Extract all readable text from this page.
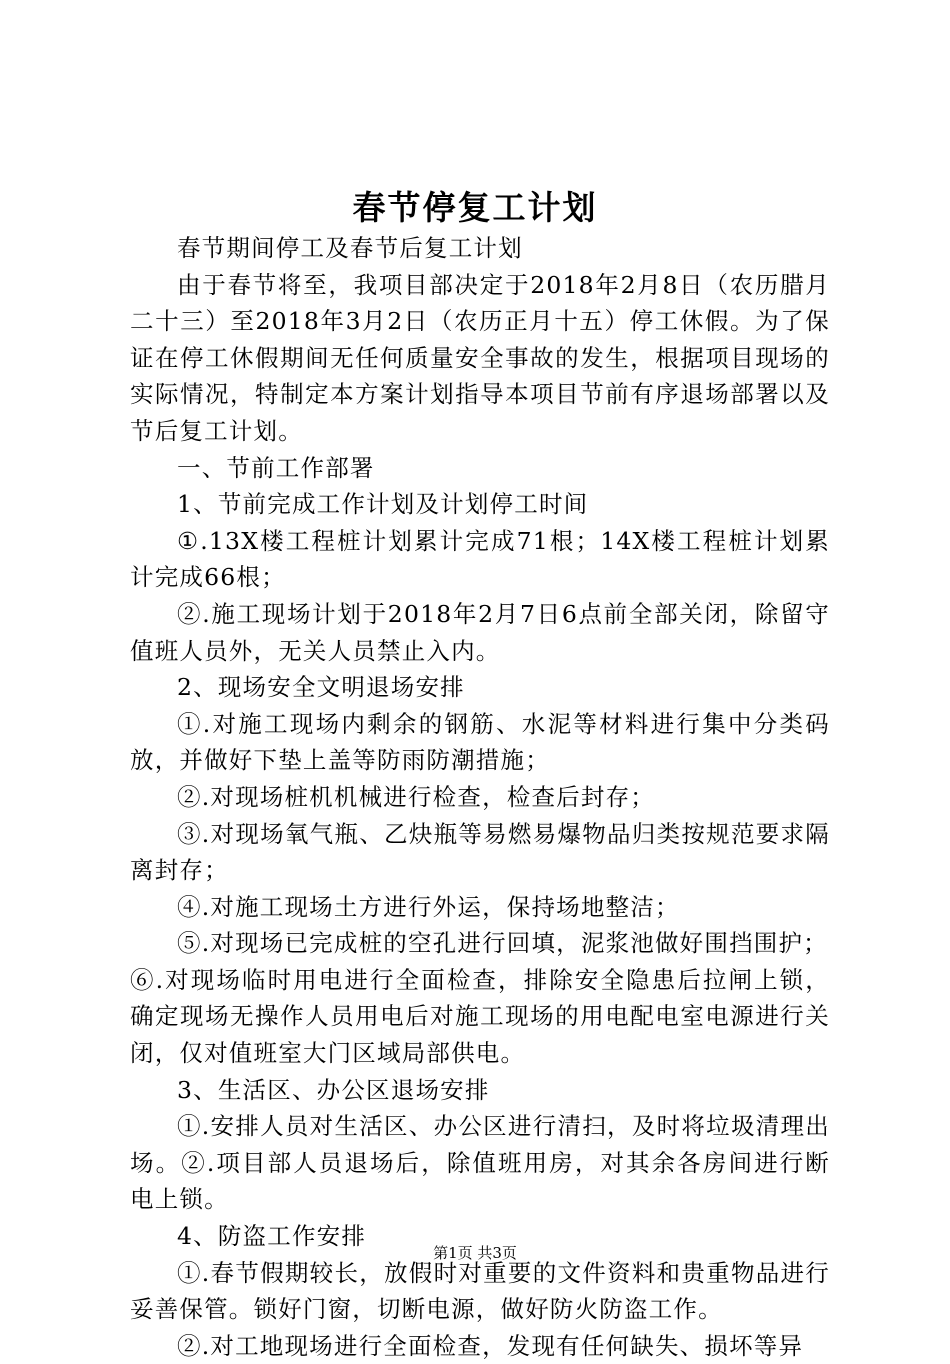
春节停复工计划

春节期间停工及春节后复工计划

由于春节将至，我项目部决定于2018年2月8日（农历腊月二十三）至2018年3月2日（农历正月十五）停工休假。为了保证在停工休假期间无任何质量安全事故的发生，根据项目现场的实际情况，特制定本方案计划指导本项目节前有序退场部署以及节后复工计划。

一、节前工作部署

1、节前完成工作计划及计划停工时间

①.13X楼工程桩计划累计完成71根；14X楼工程桩计划累计完成66根；

②.施工现场计划于2018年2月7日6点前全部关闭，除留守值班人员外，无关人员禁止入内。

2、现场安全文明退场安排

①.对施工现场内剩余的钢筋、水泥等材料进行集中分类码放，并做好下垫上盖等防雨防潮措施；

②.对现场桩机机械进行检查，检查后封存；

③.对现场氧气瓶、乙炔瓶等易燃易爆物品归类按规范要求隔离封存；

④.对施工现场土方进行外运，保持场地整洁；

⑤.对现场已完成桩的空孔进行回填，泥浆池做好围挡围护；

⑥.对现场临时用电进行全面检查，排除安全隐患后拉闸上锁，确定现场无操作人员用电后对施工现场的用电配电室电源进行关闭，仅对值班室大门区域局部供电。

3、生活区、办公区退场安排

①.安排人员对生活区、办公区进行清扫，及时将垃圾清理出场。②.项目部人员退场后，除值班用房，对其余各房间进行断电上锁。

4、防盗工作安排

①.春节假期较长，放假时对重要的文件资料和贵重物品进行妥善保管。锁好门窗，切断电源，做好防火防盗工作。

②.对工地现场进行全面检查，发现有任何缺失、损坏等异

第1页 共3页
